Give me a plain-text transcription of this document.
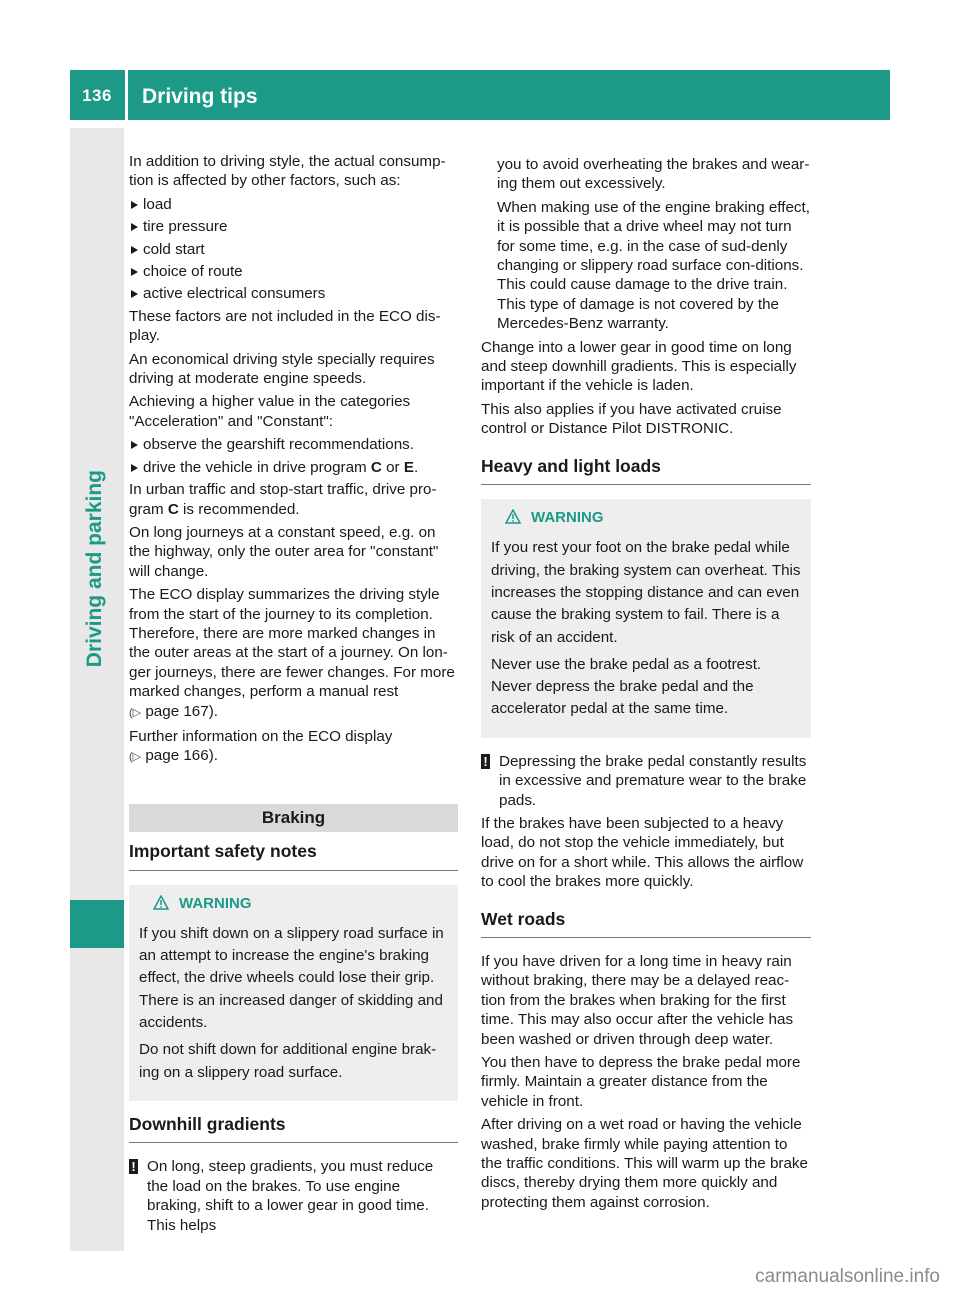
136	Driving tips
Driving and parking

In addition to driving style, the actual consump-tion is affected by other factors, such as:

load
tire pressure
cold start
choice of route
active electrical consumers

These factors are not included in the ECO dis-play.

An economical driving style specially requires driving at moderate engine speeds.

Achieving a higher value in the categories "Acceleration" and "Constant":

observe the gearshift recommendations.
drive the vehicle in drive program C or E.

In urban traffic and stop-start traffic, drive pro-gram C is recommended.

On long journeys at a constant speed, e.g. on the highway, only the outer area for "constant" will change.

The ECO display summarizes the driving style from the start of the journey to its completion. Therefore, there are more marked changes in the outer areas at the start of a journey. On lon-ger journeys, there are fewer changes. For more marked changes, perform a manual rest
(▷ page 167).

Further information on the ECO display
(▷ page 166).

Braking
Important safety notes
WARNING

If you shift down on a slippery road surface in an attempt to increase the engine's braking effect, the drive wheels could lose their grip. There is an increased danger of skidding and accidents.

Do not shift down for additional engine brak-ing on a slippery road surface.

Downhill gradients
! On long, steep gradients, you must reduce the load on the brakes. To use engine braking, shift to a lower gear in good time. This helps

you to avoid overheating the brakes and wear-ing them out excessively.

When making use of the engine braking effect, it is possible that a drive wheel may not turn for some time, e.g. in the case of sud-denly changing or slippery road surface con-ditions. This could cause damage to the drive train. This type of damage is not covered by the Mercedes-Benz warranty.

Change into a lower gear in good time on long and steep downhill gradients. This is especially important if the vehicle is laden.

This also applies if you have activated cruise control or Distance Pilot DISTRONIC.

Heavy and light loads
WARNING

If you rest your foot on the brake pedal while driving, the braking system can overheat. This increases the stopping distance and can even cause the braking system to fail. There is a risk of an accident.

Never use the brake pedal as a footrest. Never depress the brake pedal and the accelerator pedal at the same time.

! Depressing the brake pedal constantly results in excessive and premature wear to the brake pads.

If the brakes have been subjected to a heavy load, do not stop the vehicle immediately, but drive on for a short while. This allows the airflow to cool the brakes more quickly.

Wet roads

If you have driven for a long time in heavy rain without braking, there may be a delayed reac-tion from the brakes when braking for the first time. This may also occur after the vehicle has been washed or driven through deep water.

You then have to depress the brake pedal more firmly. Maintain a greater distance from the vehicle in front.

After driving on a wet road or having the vehicle washed, brake firmly while paying attention to the traffic conditions. This will warm up the brake discs, thereby drying them more quickly and protecting them against corrosion.

carmanualsonline.info
